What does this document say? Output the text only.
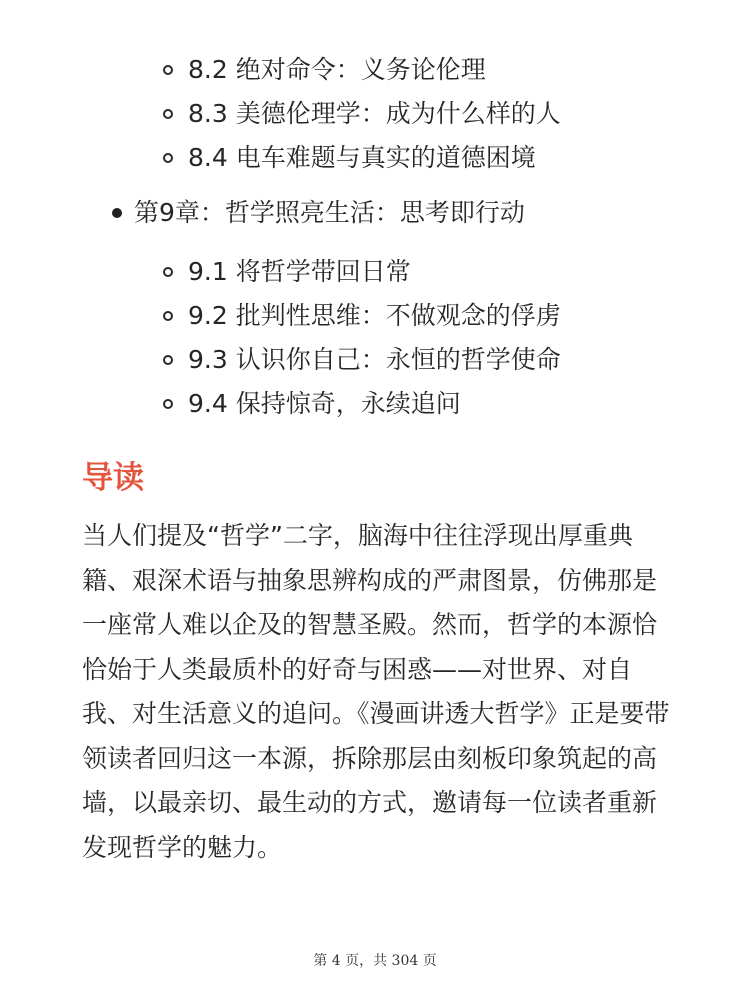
8.2 绝对命令：义务论伦理
8.3 美德伦理学：成为什么样的人
8.4 电车难题与真实的道德困境
第9章：哲学照亮生活：思考即行动
9.1 将哲学带回日常
9.2 批判性思维：不做观念的俘虏
9.3 认识你自己：永恒的哲学使命
9.4 保持惊奇，永续追问
导读

当人们提及“哲学”二字，脑海中往往浮现出厚重典籍、艰深术语与抽象思辨构成的严肃图景，仿佛那是一座常人难以企及的智慧圣殿。然而，哲学的本源恰恰始于人类最质朴的好奇与困惑——对世界、对自我、对生活意义的追问。《漫画讲透大哲学》正是要带领读者回归这一本源，拆除那层由刻板印象筑起的高墙，以最亲切、最生动的方式，邀请每一位读者重新发现哲学的魅力。

第 4 页，共 304 页
